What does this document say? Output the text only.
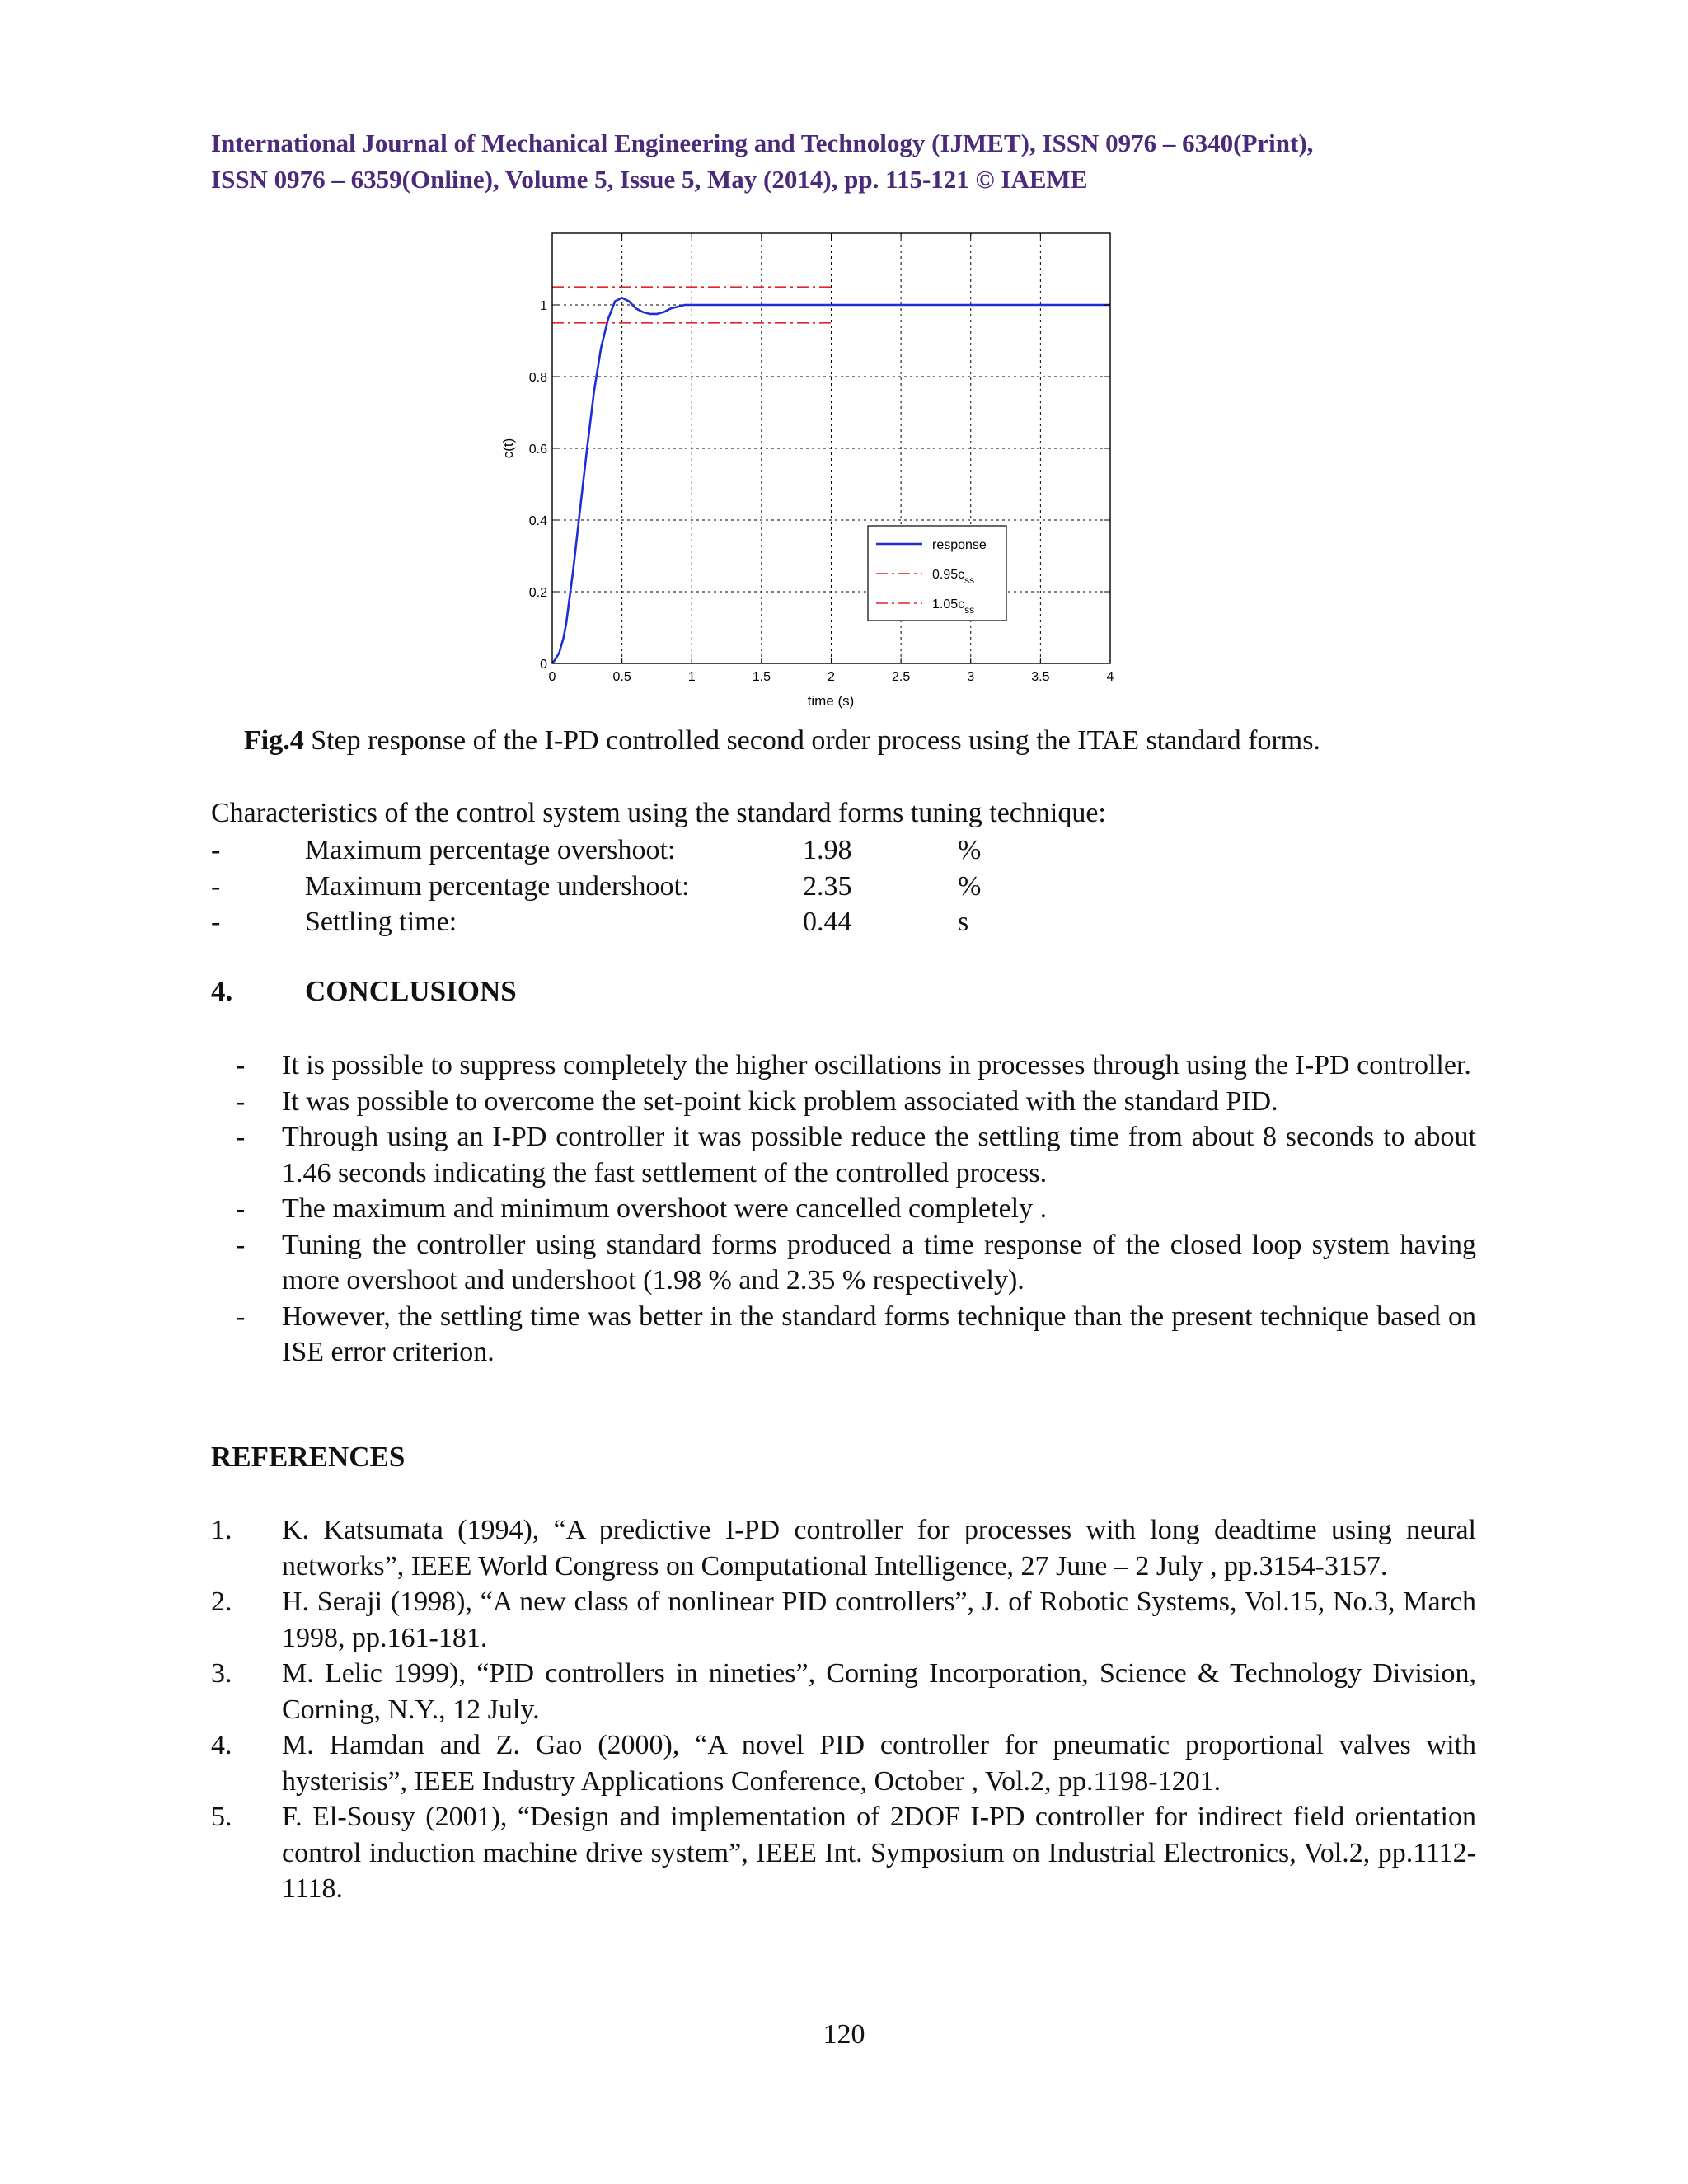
International Journal of Mechanical Engineering and Technology (IJMET), ISSN 0976 – 6340(Print),
ISSN 0976 – 6359(Online), Volume 5, Issue 5, May (2014), pp. 115-121 © IAEME
0	0.5	1	1.5	2	2.5	3	3.5	4
0
0.2
0.4
0.6
0.8
1
time (s)
c(t)
response
$0.95c_{ss}$
$1.05c_{ss}$
Fig.4 Step response of the I-PD controlled second order process using the ITAE standard forms.
Characteristics of the control system using the standard forms tuning technique:
-	Maximum percentage overshoot:	1.98	%
-	Maximum percentage undershoot:	2.35	%
-	Settling time:	0.44	s
4.	CONCLUSIONS
- It is possible to suppress completely the higher oscillations in processes through using the I-PD controller.
- It was possible to overcome the set-point kick problem associated with the standard PID.
- Through using an I-PD controller it was possible reduce the settling time from about 8 seconds to about 1.46 seconds indicating the fast settlement of the controlled process.
- The maximum and minimum overshoot were cancelled completely .
- Tuning the controller using standard forms produced a time response of the closed loop system having more overshoot and undershoot (1.98 % and 2.35 % respectively).
- However, the settling time was better in the standard forms technique than the present technique based on ISE error criterion.
REFERENCES
1. K. Katsumata (1994), “A predictive I-PD controller for processes with long deadtime using neural networks”, IEEE World Congress on Computational Intelligence, 27 June – 2 July , pp.3154-3157.
2. H. Seraji (1998), “A new class of nonlinear PID controllers”, J. of Robotic Systems, Vol.15, No.3, March 1998, pp.161-181.
3. M. Lelic 1999), “PID controllers in nineties”, Corning Incorporation, Science & Technology Division, Corning, N.Y., 12 July.
4. M. Hamdan and Z. Gao (2000), “A novel PID controller for pneumatic proportional valves with hysterisis”, IEEE Industry Applications Conference, October , Vol.2, pp.1198-1201.
5. F. El-Sousy (2001), “Design and implementation of 2DOF I-PD controller for indirect field orientation control induction machine drive system”, IEEE Int. Symposium on Industrial Electronics, Vol.2, pp.1112-1118.
120
